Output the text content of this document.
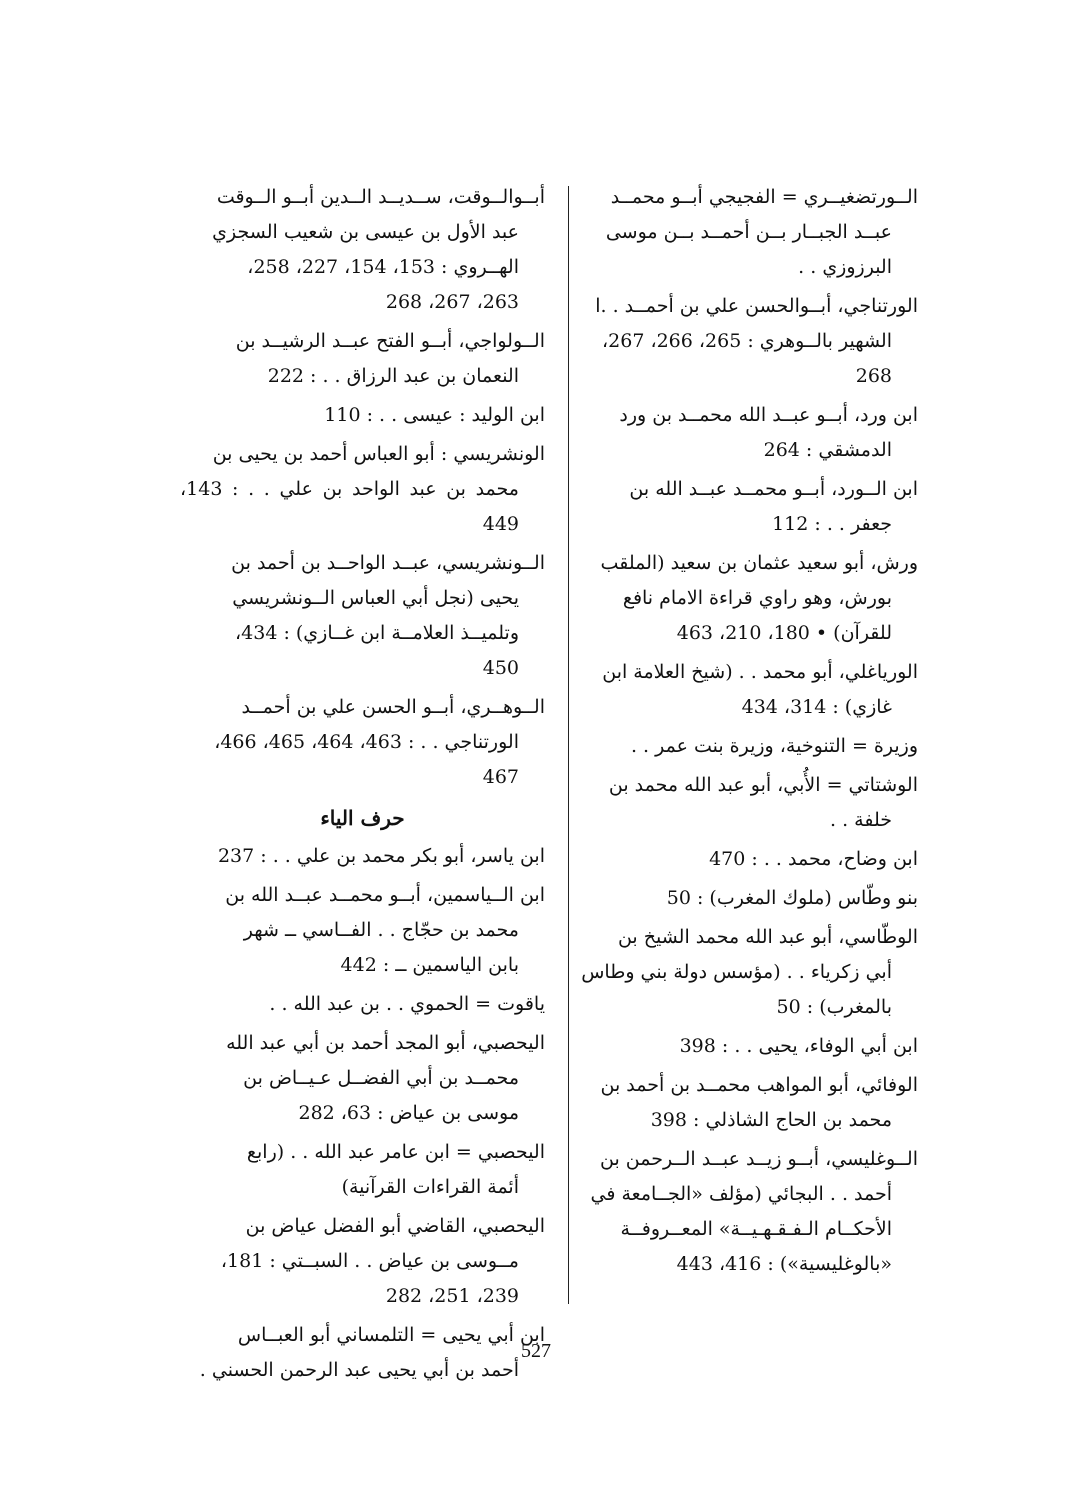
الــورتضغيــري = الفجيجي أبــو محمــد
عبــد الجبــار بــن أحمــد بــن موسى
البرزوزي . .
الورتناجي، أبــوالحسن علي بن أحمــد . .ا
الشهير بالــوهري : 265، 266، 267،
268
ابن ورد، أبــو عبــد الله محمــد بن ورد
الدمشقي : 264
ابن الــورد، أبــو محمــد عبــد الله بن
جعفر . . : 112
ورش، أبو سعيد عثمان بن سعيد (الملقب
بورش، وهو راوي قراءة الامام نافع
للقرآن) • 180، 210، 463
الورياغلي، أبو محمد . . (شيخ العلامة ابن
غازي) : 314، 434
وزيرة = التنوخية، وزيرة بنت عمر . .
الوشتاتي = الأُبي، أبو عبد الله محمد بن
خلفة . .
ابن وضاح، محمد . . : 470
بنو وطّاس (ملوك المغرب) : 50
الوطّاسي، أبو عبد الله محمد الشيخ بن
أبي زكرياء . . (مؤسس دولة بني وطاس
بالمغرب) : 50
ابن أبي الوفاء، يحيى . . : 398
الوفائي، أبو المواهب محمــد بن أحمد بن
محمد بن الحاج الشاذلي : 398
الــوغليسي، أبــو زيــد عبــد الــرحمن بن
أحمد . . البجائي (مؤلف «الجــامعة في
الأحكــام الـفـقـهـيــة» المعــروفــة
«بالوغليسية») : 416، 443
أبــوالــوقت، ســديــد الــدين أبــو الــوقت
عبد الأول بن عيسى بن شعيب السجزي
الهــروي : 153، 154، 227، 258،
263، 267، 268
الــولواجي، أبــو الفتح عبــد الرشيــد بن
النعمان بن عبد الرزاق . . : 222
ابن الوليد : عيسى . . : 110
الونشريسي : أبو العباس أحمد بن يحيى بن
محمد بن عبد الواحد بن علي . . : 143، 449
الــونشريسي، عبــد الواحــد بن أحمد بن
يحيى (نجل أبي العباس الــونشريسي
وتلميــذ العلامــة ابن غــازي) : 434،
450
الــوهــري، أبــو الحسن علي بن أحمــد
الورتناجي . . : 463، 464، 465، 466،
467
حرف الياء
ابن ياسر، أبو بكر محمد بن علي . . : 237
ابن الــياسمين، أبــو محمــد عبــد الله بن
محمد بن حجّاج . . الفــاسي ــ شهر
بابن الياسمين ــ : 442
ياقوت = الحموي . . بن عبد الله . .
اليحصبي، أبو المجد أحمد بن أبي عبد الله
محمــد بن أبي الفضــل عـيــاض بن
موسى بن عياض : 63، 282
اليحصبي = ابن عامر عبد الله . . (رابع
أئمة القراءات القرآنية)
اليحصبي، القاضي أبو الفضل عياض بن
مــوسى بن عياض . . السبــتي : 181،
239، 251، 282
ابن أبي يحيى = التلمساني أبو العبــاس
أحمد بن أبي يحيى عبد الرحمن الحسني .
527
